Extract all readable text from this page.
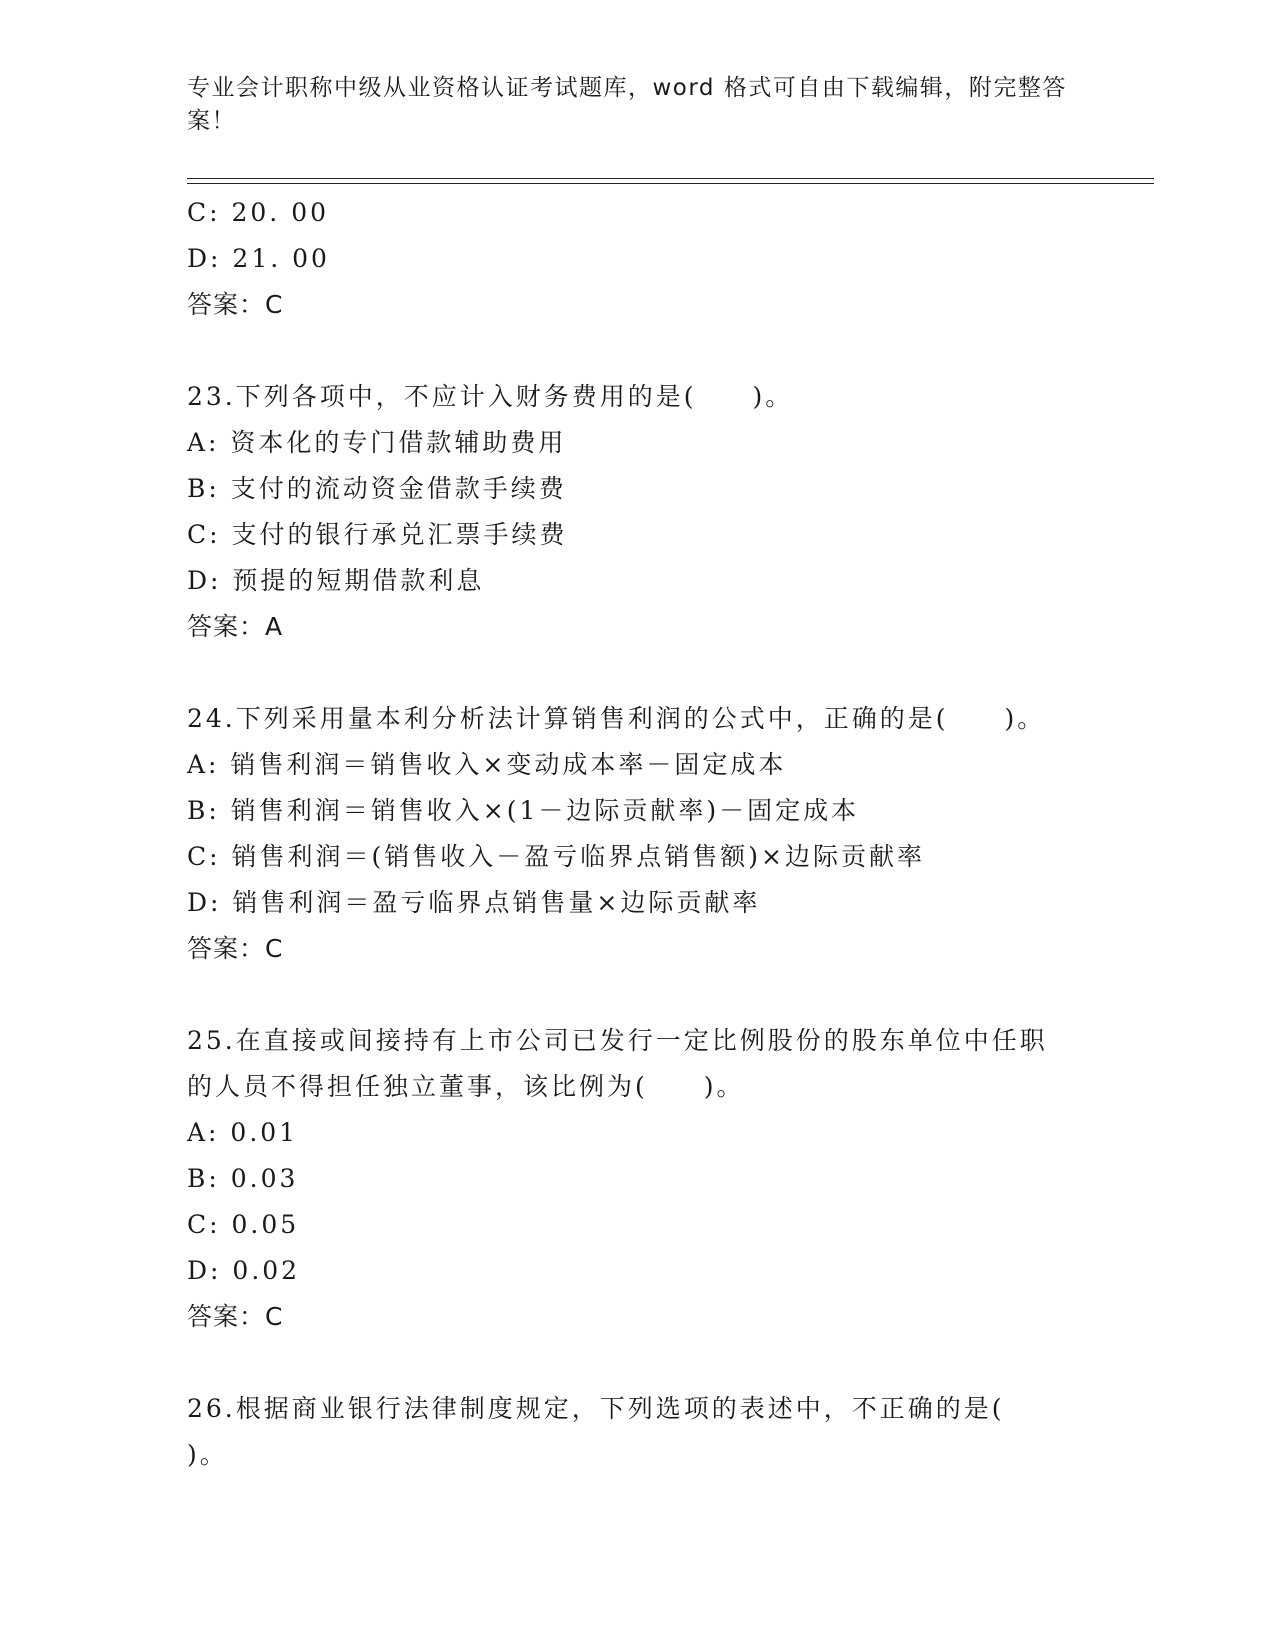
专业会计职称中级从业资格认证考试题库，word 格式可自由下载编辑，附完整答
案！
C: 20. 00
D: 21. 00
答案：C
23.下列各项中，不应计入财务费用的是(　　)。
A: 资本化的专门借款辅助费用
B: 支付的流动资金借款手续费
C: 支付的银行承兑汇票手续费
D: 预提的短期借款利息
答案：A
24.下列采用量本利分析法计算销售利润的公式中，正确的是(　　)。
A: 销售利润＝销售收入×变动成本率－固定成本
B: 销售利润＝销售收入×(1－边际贡献率)－固定成本
C: 销售利润＝(销售收入－盈亏临界点销售额)×边际贡献率
D: 销售利润＝盈亏临界点销售量×边际贡献率
答案：C
25.在直接或间接持有上市公司已发行一定比例股份的股东单位中任职
的人员不得担任独立董事，该比例为(　　)。
A: 0.01
B: 0.03
C: 0.05
D: 0.02
答案：C
26.根据商业银行法律制度规定，下列选项的表述中，不正确的是(
)。
